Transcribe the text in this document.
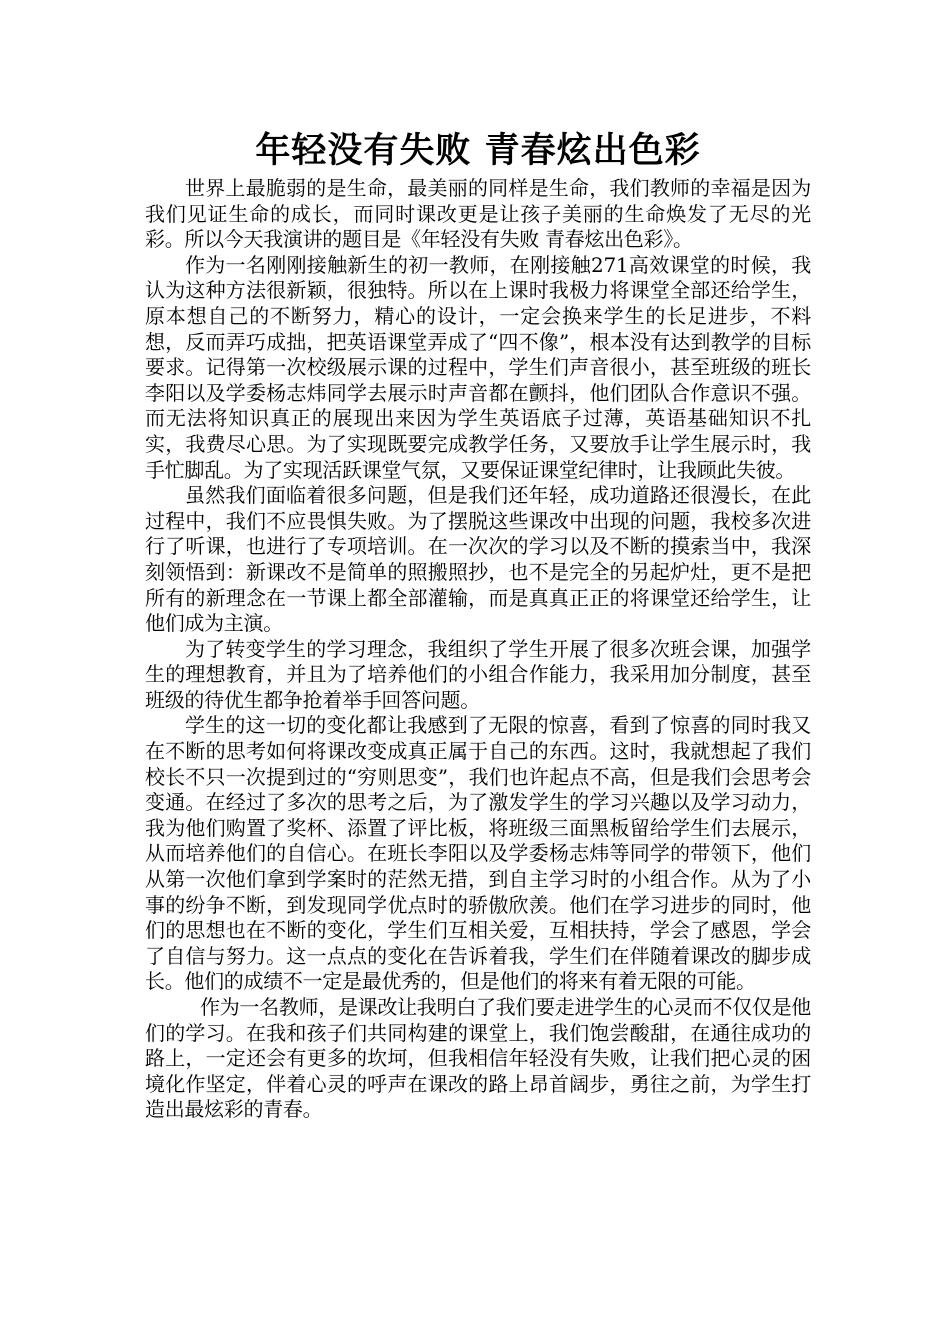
年轻没有失败 青春炫出色彩

世界上最脆弱的是生命，最美丽的同样是生命，我们教师的幸福是因为我们见证生命的成长，而同时课改更是让孩子美丽的生命焕发了无尽的光彩。所以今天我演讲的题目是《年轻没有失败 青春炫出色彩》。

作为一名刚刚接触新生的初一教师，在刚接触271高效课堂的时候，我认为这种方法很新颖，很独特。所以在上课时我极力将课堂全部还给学生，原本想自己的不断努力，精心的设计，一定会换来学生的长足进步，不料想，反而弄巧成拙，把英语课堂弄成了“四不像”，根本没有达到教学的目标要求。记得第一次校级展示课的过程中，学生们声音很小，甚至班级的班长李阳以及学委杨志炜同学去展示时声音都在颤抖，他们团队合作意识不强。而无法将知识真正的展现出来因为学生英语底子过薄，英语基础知识不扎实，我费尽心思。为了实现既要完成教学任务，又要放手让学生展示时，我手忙脚乱。为了实现活跃课堂气氛，又要保证课堂纪律时，让我顾此失彼。

虽然我们面临着很多问题，但是我们还年轻，成功道路还很漫长，在此过程中，我们不应畏惧失败。为了摆脱这些课改中出现的问题，我校多次进行了听课，也进行了专项培训。在一次次的学习以及不断的摸索当中，我深刻领悟到：新课改不是简单的照搬照抄，也不是完全的另起炉灶，更不是把所有的新理念在一节课上都全部灌输，而是真真正正的将课堂还给学生，让他们成为主演。

为了转变学生的学习理念，我组织了学生开展了很多次班会课，加强学生的理想教育，并且为了培养他们的小组合作能力，我采用加分制度，甚至班级的待优生都争抢着举手回答问题。

学生的这一切的变化都让我感到了无限的惊喜，看到了惊喜的同时我又在不断的思考如何将课改变成真正属于自己的东西。这时，我就想起了我们校长不只一次提到过的“穷则思变”，我们也许起点不高，但是我们会思考会变通。在经过了多次的思考之后，为了激发学生的学习兴趣以及学习动力，我为他们购置了奖杯、添置了评比板，将班级三面黑板留给学生们去展示，从而培养他们的自信心。在班长李阳以及学委杨志炜等同学的带领下，他们从第一次他们拿到学案时的茫然无措，到自主学习时的小组合作。从为了小事的纷争不断，到发现同学优点时的骄傲欣羡。他们在学习进步的同时，他们的思想也在不断的变化，学生们互相关爱，互相扶持，学会了感恩，学会了自信与努力。这一点点的变化在告诉着我，学生们在伴随着课改的脚步成长。他们的成绩不一定是最优秀的，但是他们的将来有着无限的可能。

作为一名教师，是课改让我明白了我们要走进学生的心灵而不仅仅是他们的学习。在我和孩子们共同构建的课堂上，我们饱尝酸甜，在通往成功的路上，一定还会有更多的坎坷，但我相信年轻没有失败，让我们把心灵的困境化作坚定，伴着心灵的呼声在课改的路上昂首阔步，勇往之前，为学生打造出最炫彩的青春。
